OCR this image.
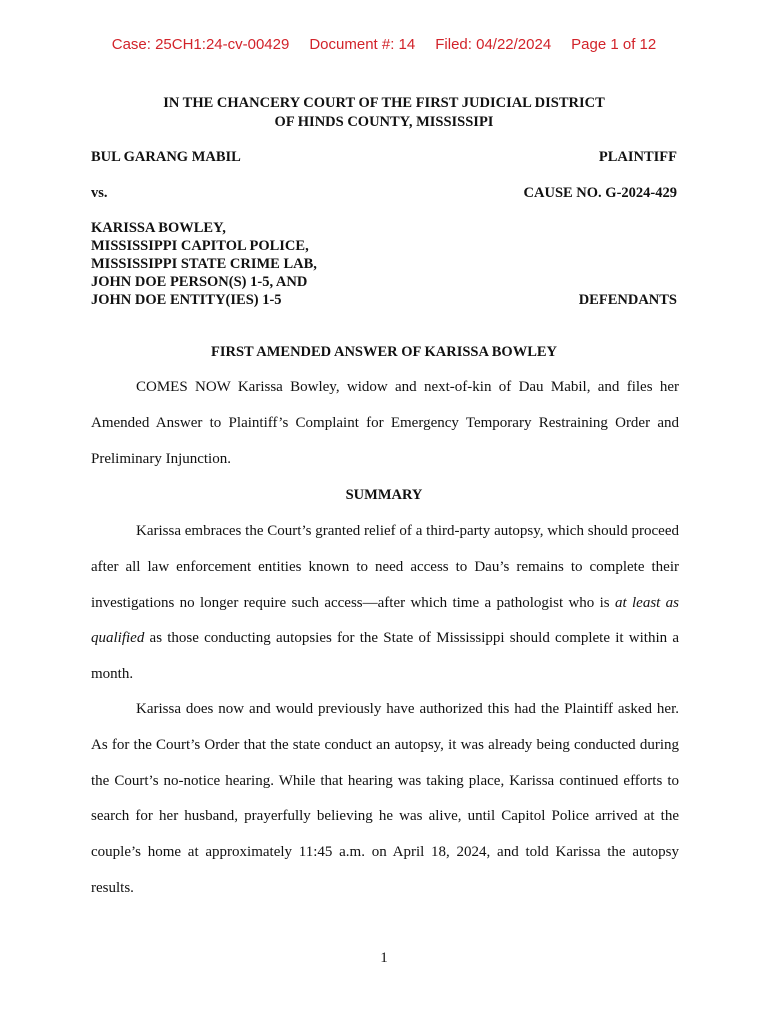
Case: 25CH1:24-cv-00429 Document #: 14 Filed: 04/22/2024 Page 1 of 12
IN THE CHANCERY COURT OF THE FIRST JUDICIAL DISTRICT
OF HINDS COUNTY, MISSISSIPI
BUL GARANG MABIL	PLAINTIFF
vs.	CAUSE NO. G-2024-429
KARISSA BOWLEY,
MISSISSIPPI CAPITOL POLICE,
MISSISSIPPI STATE CRIME LAB,
JOHN DOE PERSON(S) 1-5, AND
JOHN DOE ENTITY(IES) 1-5	DEFENDANTS
FIRST AMENDED ANSWER OF KARISSA BOWLEY

COMES NOW Karissa Bowley, widow and next-of-kin of Dau Mabil, and files her Amended Answer to Plaintiff’s Complaint for Emergency Temporary Restraining Order and Preliminary Injunction.

SUMMARY

Karissa embraces the Court’s granted relief of a third-party autopsy, which should proceed after all law enforcement entities known to need access to Dau’s remains to complete their investigations no longer require such access—after which time a pathologist who is at least as qualified as those conducting autopsies for the State of Mississippi should complete it within a month.

Karissa does now and would previously have authorized this had the Plaintiff asked her. As for the Court’s Order that the state conduct an autopsy, it was already being conducted during the Court’s no-notice hearing. While that hearing was taking place, Karissa continued efforts to search for her husband, prayerfully believing he was alive, until Capitol Police arrived at the couple’s home at approximately 11:45 a.m. on April 18, 2024, and told Karissa the autopsy results.

1
